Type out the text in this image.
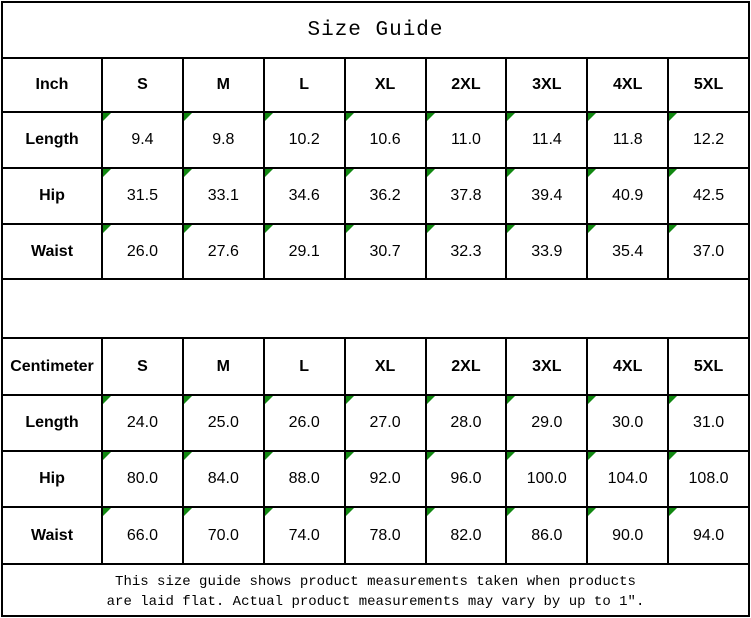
Size Guide								
Inch	S	M	L	XL	2XL	3XL	4XL	5XL
Length	9.4	9.8	10.2	10.6	11.0	11.4	11.8	12.2

Hip	31.5	33.1	34.6	36.2	37.8	39.4	40.9	42.5

Waist	26.0	27.6	29.1	30.7	32.3	33.9	35.4	37.0

Centimeter	S	M	L	XL	2XL	3XL	4XL	5XL
Length	24.0	25.0	26.0	27.0	28.0	29.0	30.0	31.0

Hip	80.0	84.0	88.0	92.0	96.0	100.0	104.0	108.0

Waist	66.0	70.0	74.0	78.0	82.0	86.0	90.0	94.0

This size guide shows product measurements taken when products
are laid flat. Actual product measurements may vary by up to 1″.								
